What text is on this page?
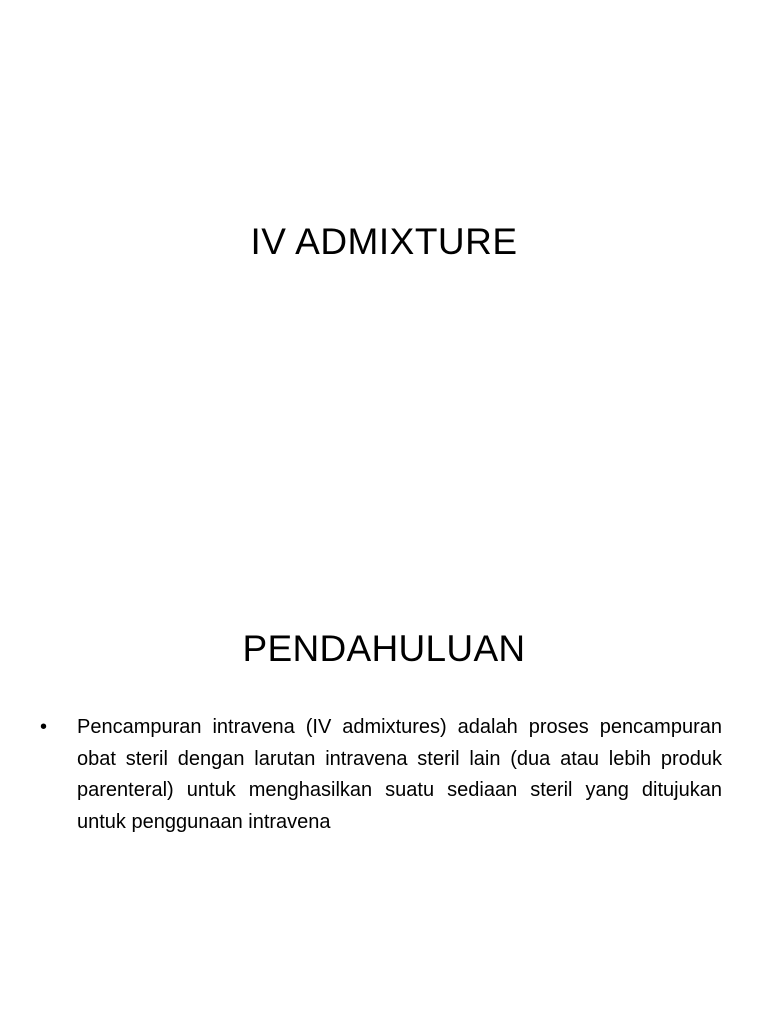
IV ADMIXTURE
PENDAHULUAN
•	Pencampuran intravena (IV admixtures) adalah proses pencampuran obat steril dengan larutan intravena steril lain (dua atau lebih produk parenteral) untuk menghasilkan suatu sediaan steril yang ditujukan untuk penggunaan intravena
